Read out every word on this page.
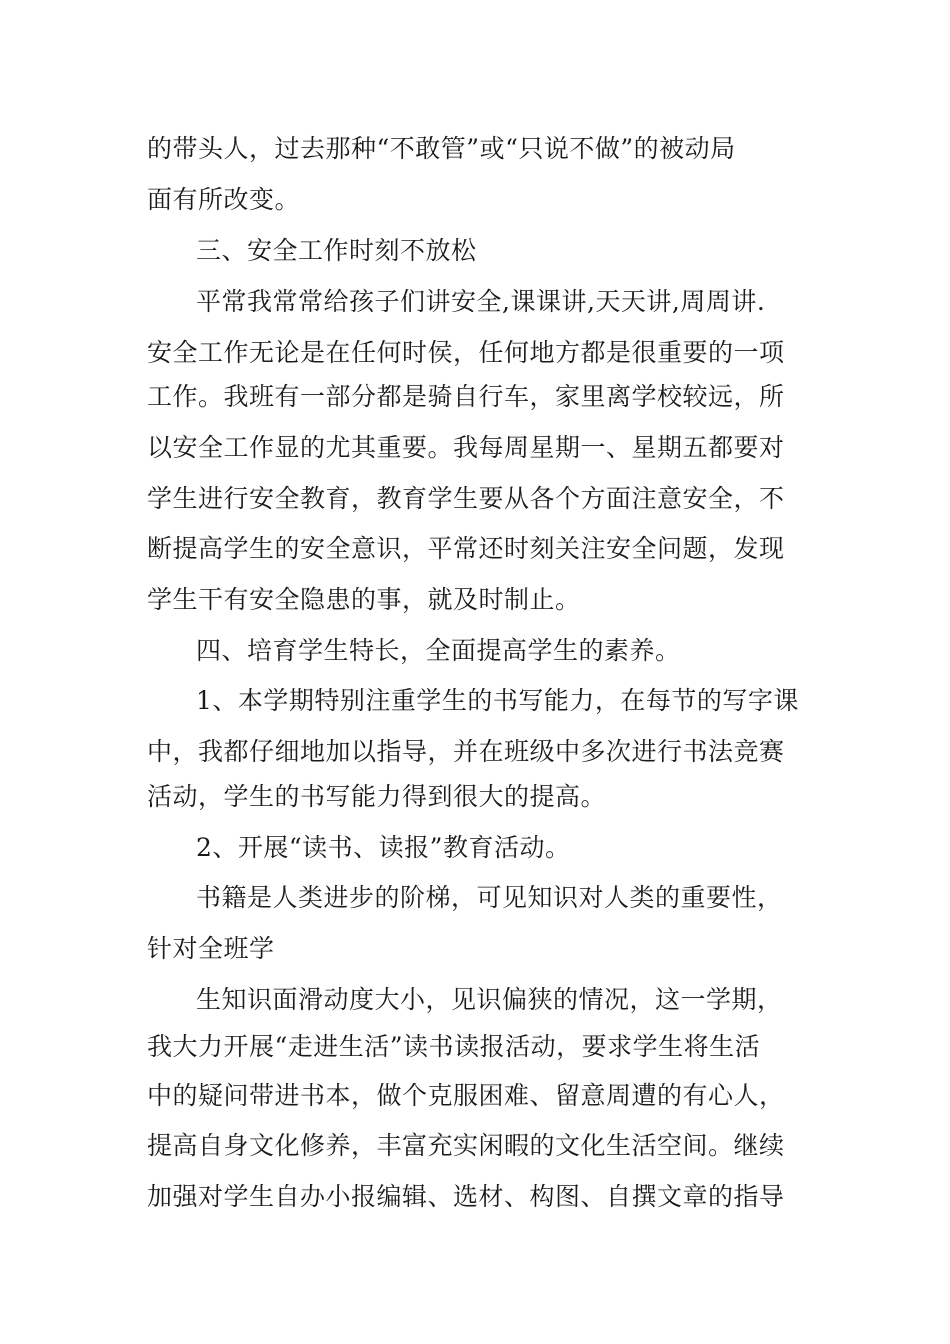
的带头人，过去那种“不敢管”或“只说不做”的被动局
面有所改变。
三、安全工作时刻不放松
平常我常常给孩子们讲安全,课课讲,天天讲,周周讲.
安全工作无论是在任何时侯，任何地方都是很重要的一项
工作。我班有一部分都是骑自行车，家里离学校较远，所
以安全工作显的尤其重要。我每周星期一、星期五都要对
学生进行安全教育，教育学生要从各个方面注意安全，不
断提高学生的安全意识，平常还时刻关注安全问题，发现
学生干有安全隐患的事，就及时制止。
四、培育学生特长，全面提高学生的素养。
1、本学期特别注重学生的书写能力，在每节的写字课
中，我都仔细地加以指导，并在班级中多次进行书法竞赛
活动，学生的书写能力得到很大的提高。
2、开展“读书、读报”教育活动。
书籍是人类进步的阶梯，可见知识对人类的重要性，
针对全班学
生知识面滑动度大小，见识偏狭的情况，这一学期，
我大力开展“走进生活”读书读报活动，要求学生将生活
中的疑问带进书本，做个克服困难、留意周遭的有心人，
提高自身文化修养，丰富充实闲暇的文化生活空间。继续
加强对学生自办小报编辑、选材、构图、自撰文章的指导
